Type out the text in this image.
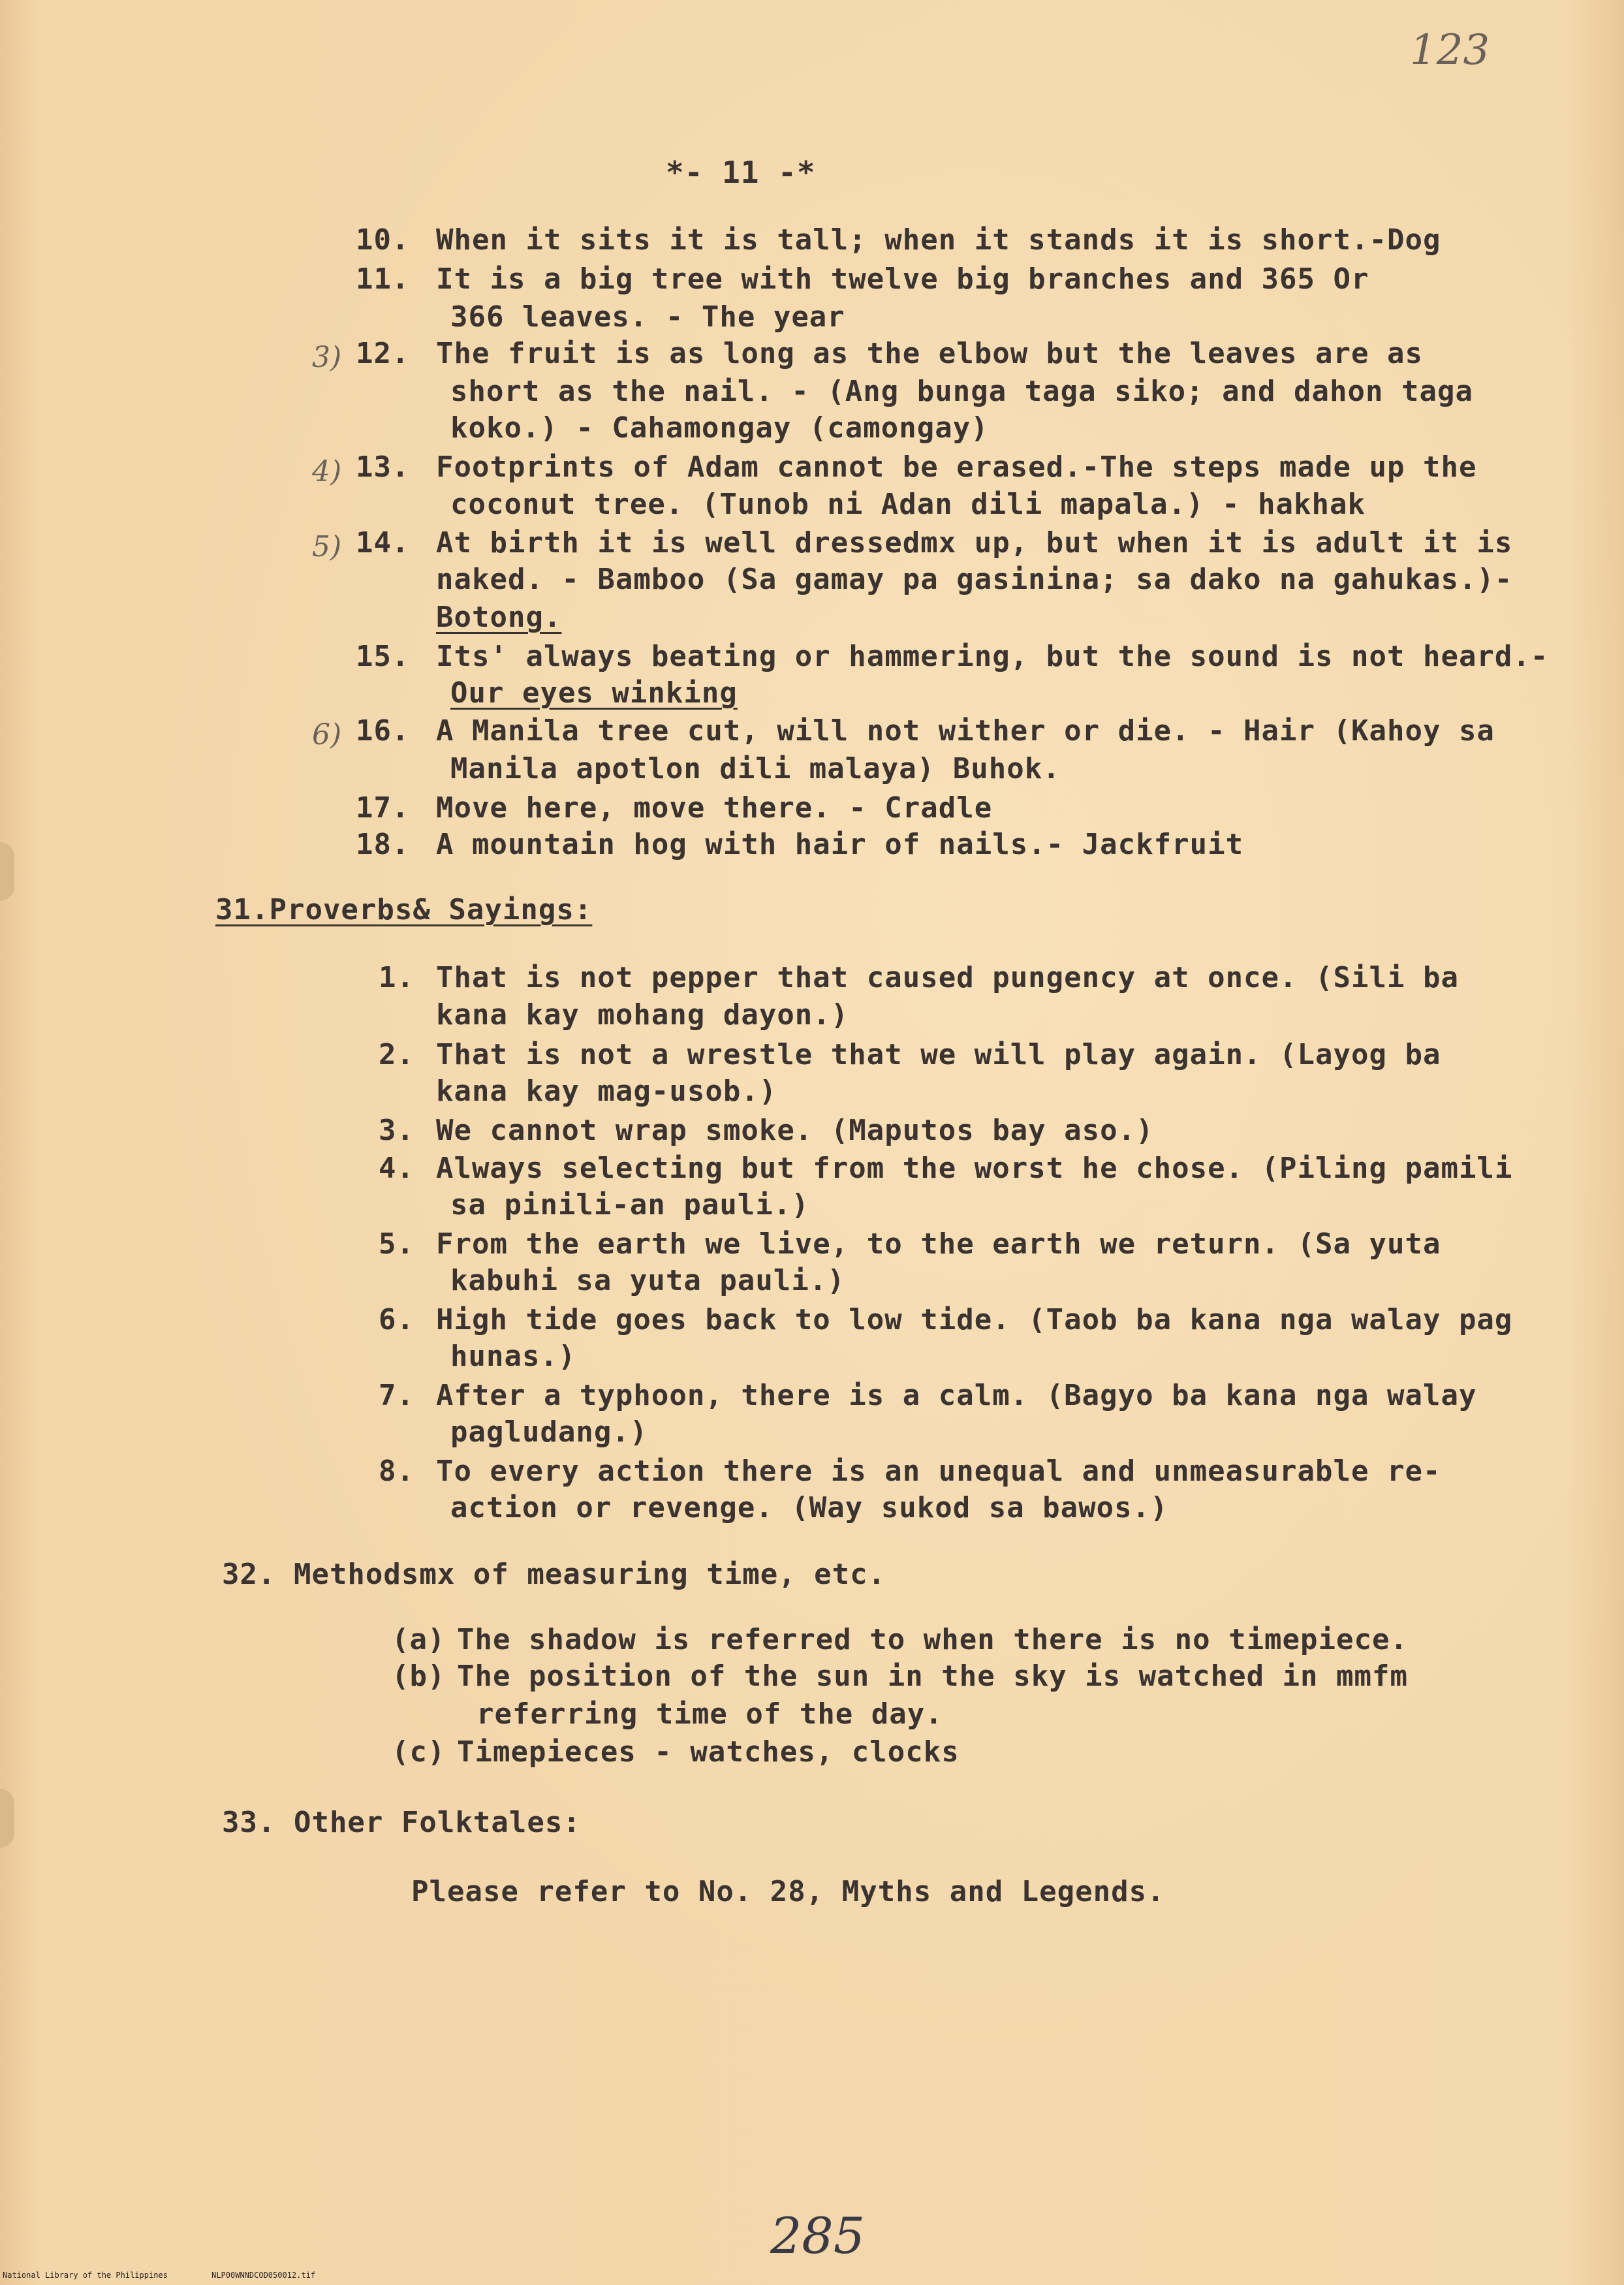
123
*- 11 -*
10. When it sits it is tall; when it stands it is short.-Dog
11. It is a big tree with twelve big branches and 365 Or
366 leaves. - The year
3) 12. The fruit is as long as the elbow but the leaves are as
short as the nail. - (Ang bunga taga siko; and dahon taga
koko.) - Cahamongay (camongay)
4) 13. Footprints of Adam cannot be erased.-The steps made up the
coconut tree. (Tunob ni Adan dili mapala.) - hakhak
5) 14. At birth it is well dressedmx up, but when it is adult it is
naked. - Bamboo (Sa gamay pa gasinina; sa dako na gahukas.)-
Botong.
15. Its' always beating or hammering, but the sound is not heard.-
Our eyes winking
6) 16. A Manila tree cut, will not wither or die. - Hair (Kahoy sa
Manila apotlon dili malaya) Buhok.
17. Move here, move there. - Cradle
18. A mountain hog with hair of nails.- Jackfruit
31.Proverbs& Sayings:
1. That is not pepper that caused pungency at once. (Sili ba
kana kay mohang dayon.)
2. That is not a wrestle that we will play again. (Layog ba
kana kay mag-usob.)
3. We cannot wrap smoke. (Maputos bay aso.)
4. Always selecting but from the worst he chose. (Piling pamili
sa pinili-an pauli.)
5. From the earth we live, to the earth we return. (Sa yuta
kabuhi sa yuta pauli.)
6. High tide goes back to low tide. (Taob ba kana nga walay pag
hunas.)
7. After a typhoon, there is a calm. (Bagyo ba kana nga walay
pagludang.)
8. To every action there is an unequal and unmeasurable re-
action or revenge. (Way sukod sa bawos.)
32. Methodsmx of measuring time, etc.
(a) The shadow is referred to when there is no timepiece.
(b) The position of the sun in the sky is watched in mmfm
referring time of the day.
(c) Timepieces - watches, clocks
33. Other Folktales:
Please refer to No. 28, Myths and Legends.
285
National Library of the Philippines	NLP00WNNDCOD050012.tif
